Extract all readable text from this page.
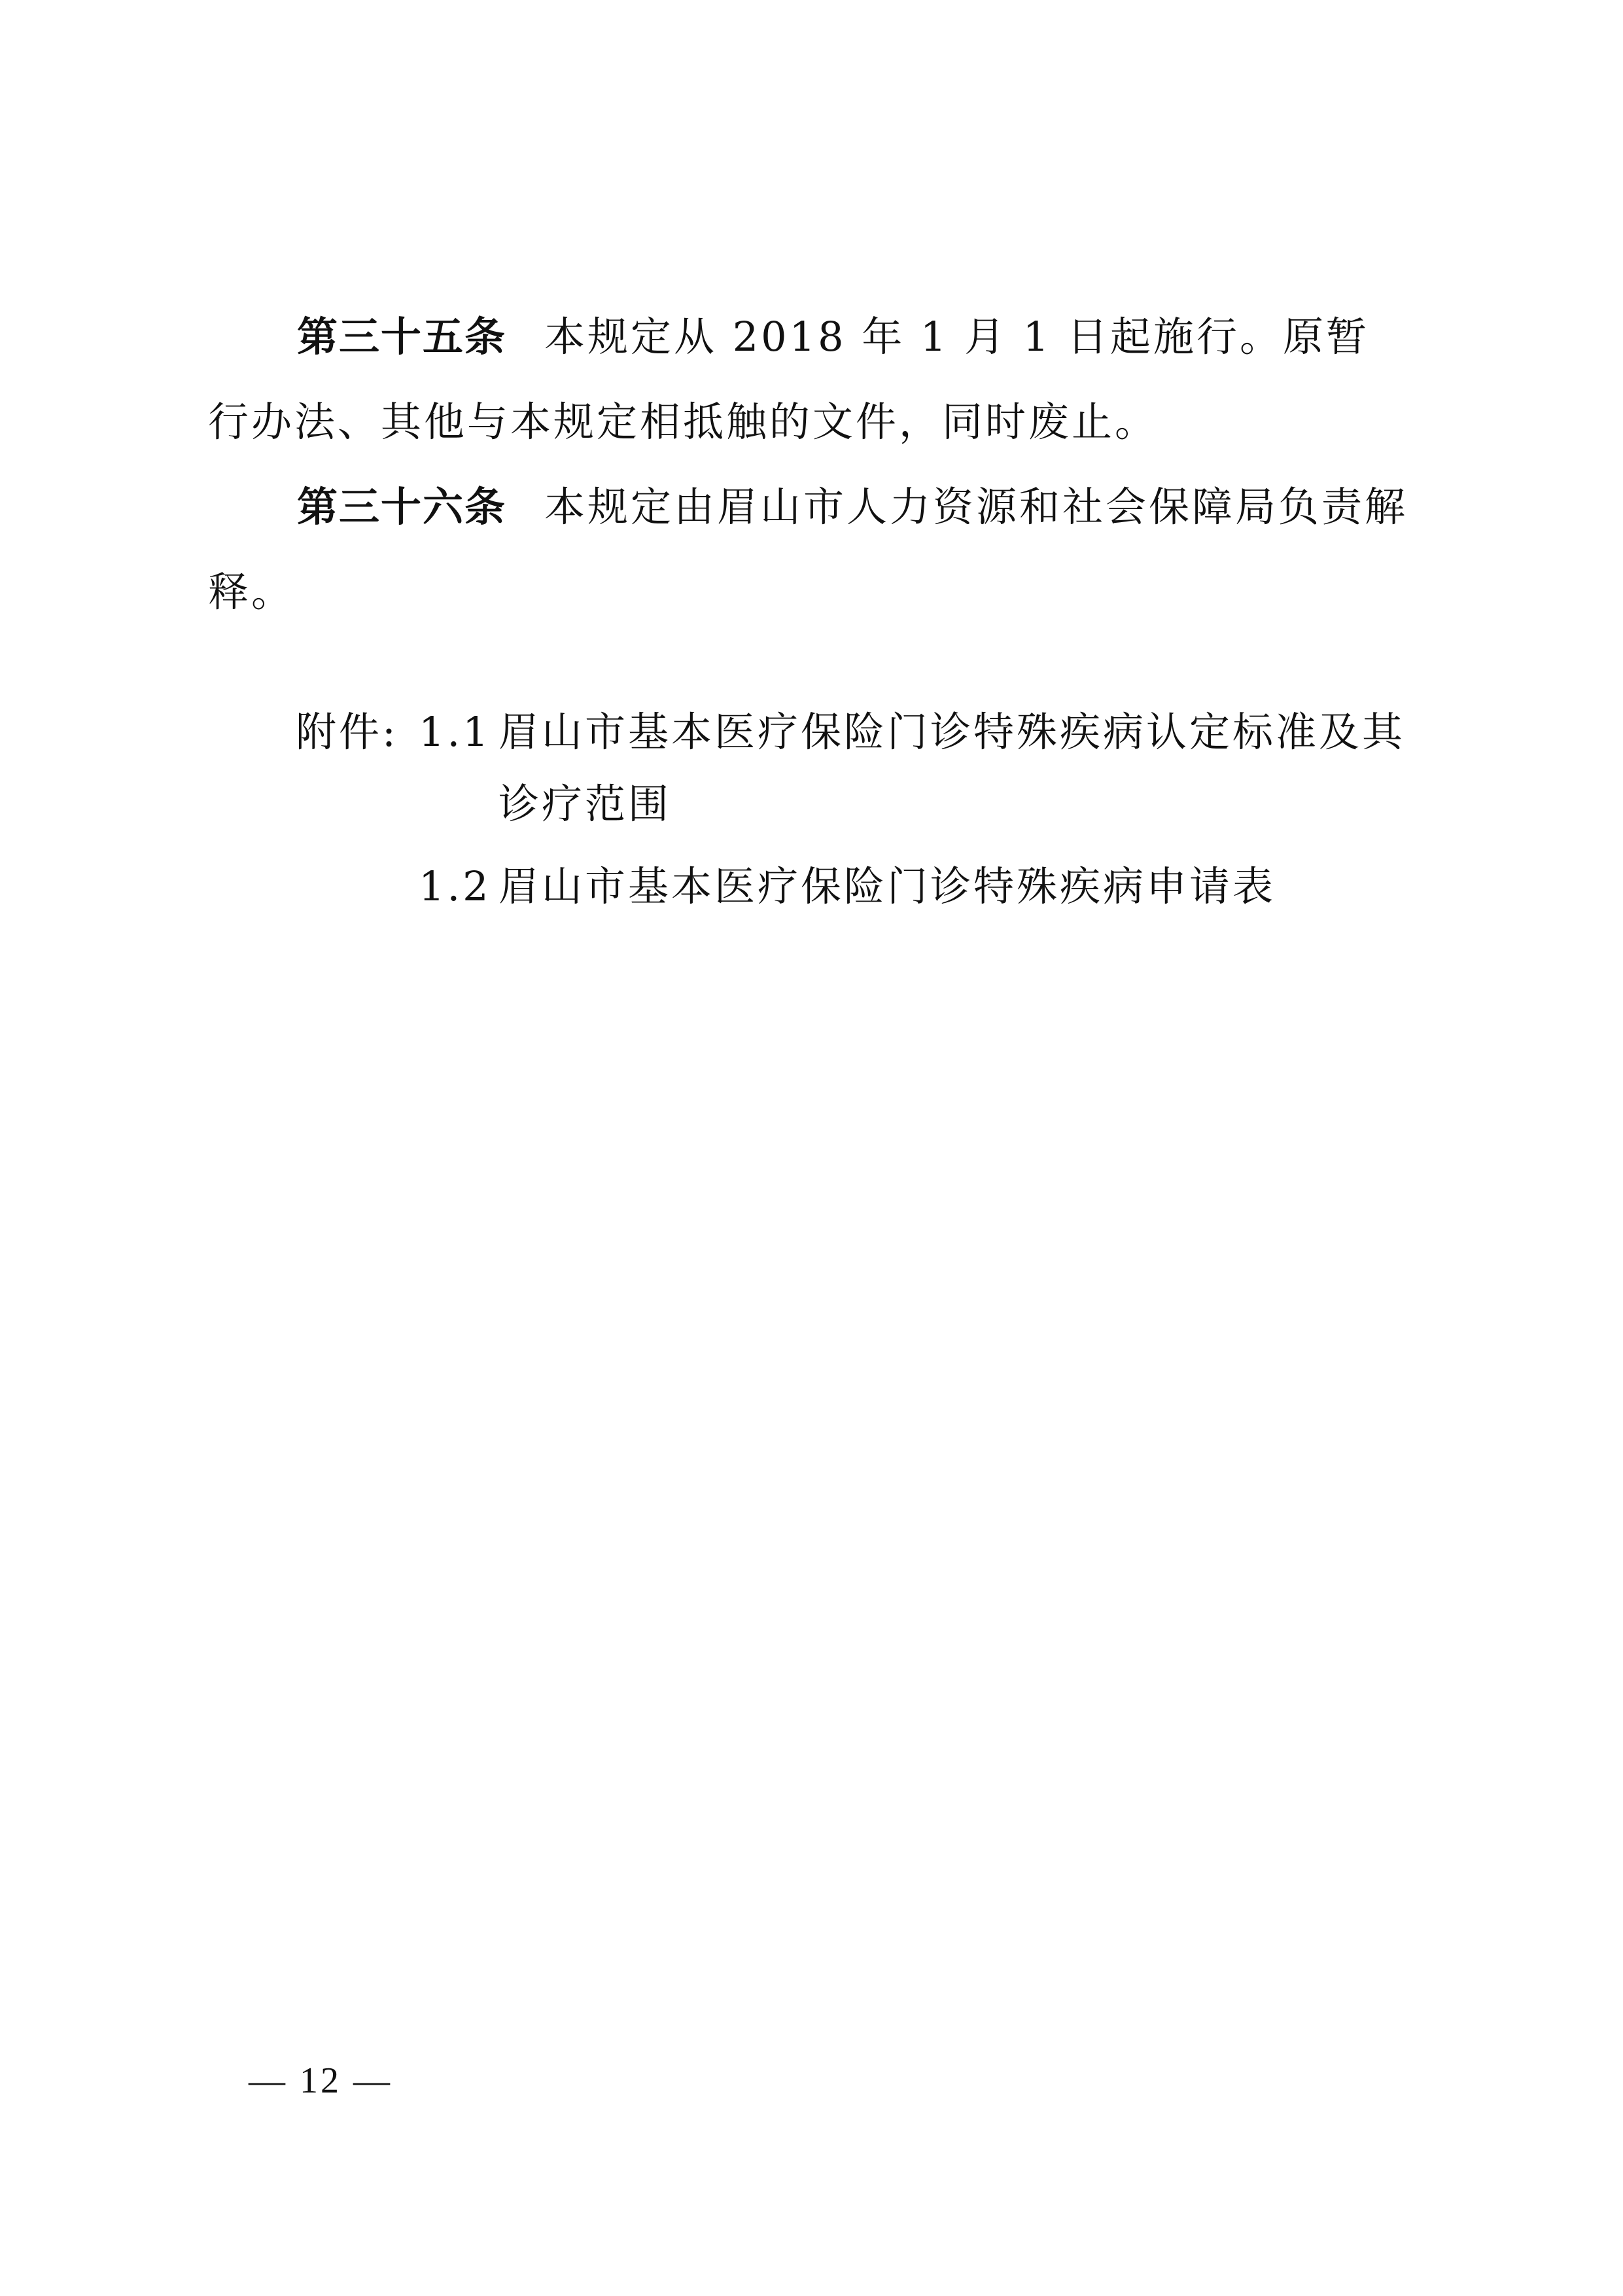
第三十五条 本规定从 2018 年 1 月 1 日起施行。原暂行办法、其他与本规定相抵触的文件，同时废止。

第三十六条 本规定由眉山市人力资源和社会保障局负责解释。

附件: 1.1 眉山市基本医疗保险门诊特殊疾病认定标准及其诊疗范围
1.2 眉山市基本医疗保险门诊特殊疾病申请表
— 12 —
